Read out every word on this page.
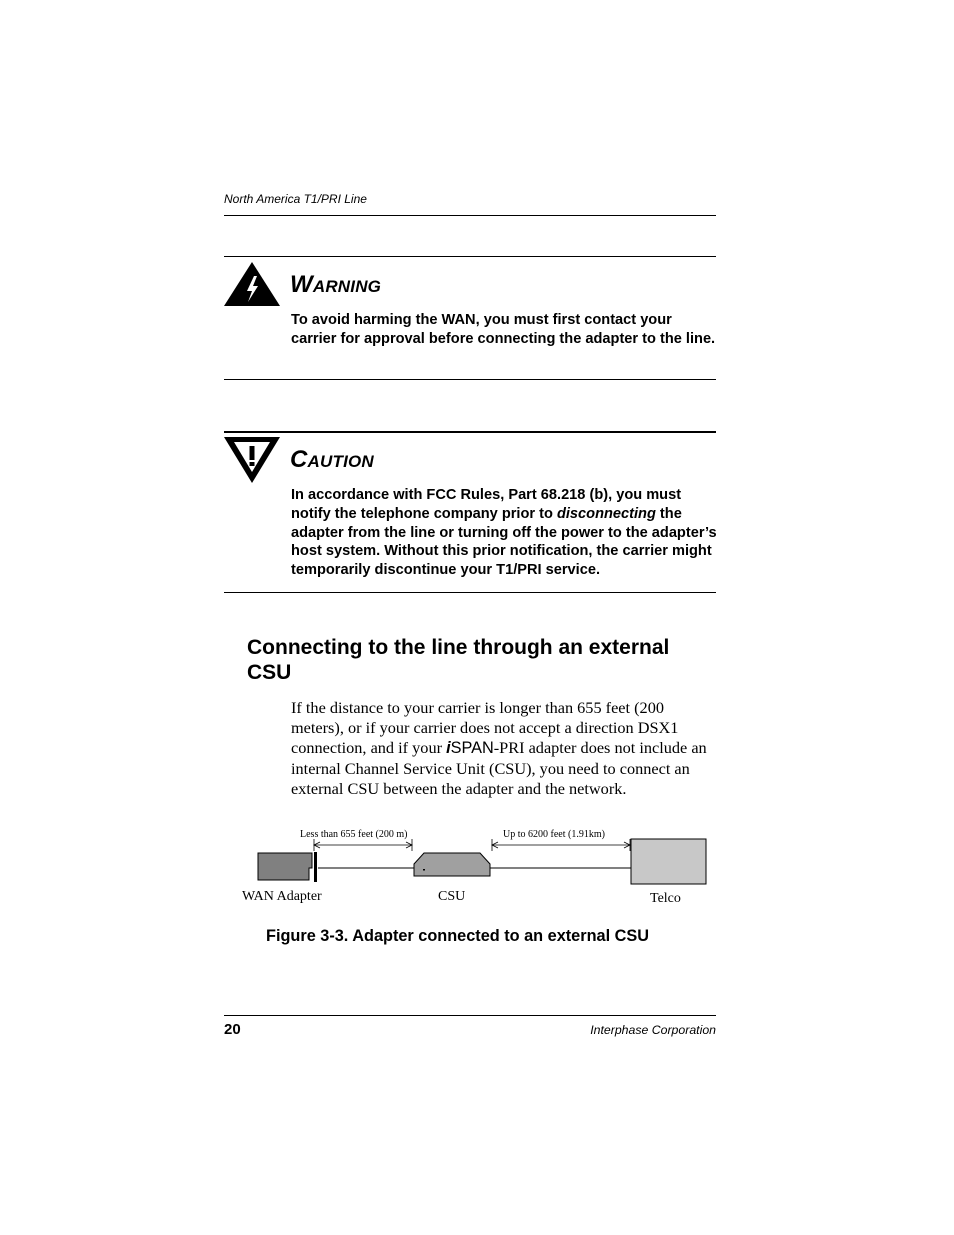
North America T1/PRI Line
Warning
To avoid harming the WAN, you must first contact your carrier for approval before connecting the adapter to the line.
Caution
In accordance with FCC Rules, Part 68.218 (b), you must notify the telephone company prior to disconnecting the adapter from the line or turning off the power to the adapter’s host system. Without this prior notification, the carrier might temporarily discontinue your T1/PRI service.
Connecting to the line through an external CSU
If the distance to your carrier is longer than 655 feet (200 meters), or if your carrier does not accept a direction DSX1 connection, and if your iSPAN-PRI adapter does not include an internal Channel Service Unit (CSU), you need to connect an external CSU between the adapter and the network.
Less than 655 feet (200 m)	Up to 6200 feet (1.91km)
WAN Adapter	CSU	Telco
Figure 3-3. Adapter connected to an external CSU
20	Interphase Corporation
